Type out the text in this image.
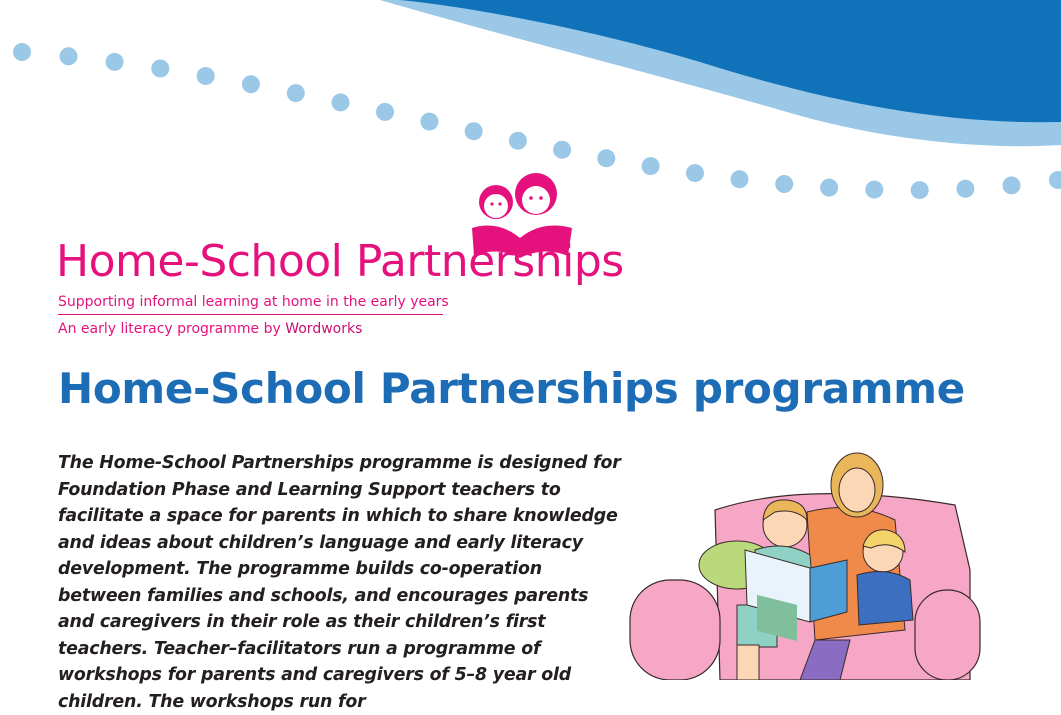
Home-School Partnerships
Supporting informal learning at home in the early years
An early literacy programme by Wordworks
Home-School Partnerships programme

The Home-School Partnerships programme is designed for Foundation Phase and Learning Support teachers to facilitate a space for parents in which to share knowledge and ideas about children’s language and early literacy development. The programme builds co-operation between families and schools, and encourages parents and caregivers in their role as their children’s first teachers. Teacher–facilitators run a programme of workshops for parents and caregivers of 5–8 year old children. The workshops run for
